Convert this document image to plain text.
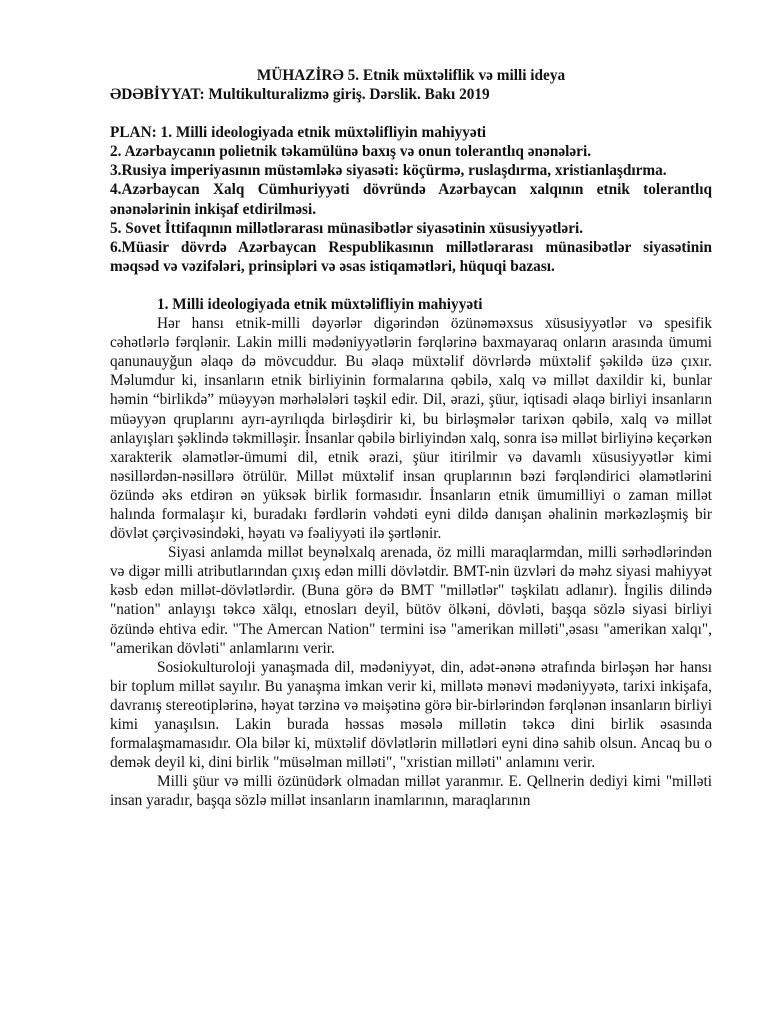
MÜHAZİRƏ 5. Etnik müxtəliflik və milli ideya

ƏDƏBİYYAT: Multikulturalizmə giriş. Dərslik. Bakı 2019

PLAN: 1. Milli ideologiyada etnik müxtəlifliyin mahiyyəti

2. Azərbaycanın polietnik təkamülünə baxış və onun tolerantlıq ənənələri.

3.Rusiya imperiyasının müstəmləkə siyasəti: köçürmə, ruslaşdırma, xristianlaşdırma.

4.Azərbaycan Xalq Cümhuriyyəti dövründə Azərbaycan xalqının etnik tolerantlıq ənənələrinin inkişaf etdirilməsi.

5. Sovet İttifaqının millətlərarası münasibətlər siyasətinin xüsusiyyətləri.

6.Müasir dövrdə Azərbaycan Respublikasının millətlərarası münasibətlər siyasətinin məqsəd və vəzifələri, prinsipləri və əsas istiqamətləri, hüquqi bazası.

1. Milli ideologiyada etnik müxtəlifliyin mahiyyəti

Hər hansı etnik-milli dəyərlər digərindən özünəməxsus xüsusiyyətlər və spesifik cəhətlərlə fərqlənir. Lakin milli mədəniyyətlərin fərqlərinə baxmayaraq onların arasında ümumi qanunauyğun əlaqə də mövcuddur. Bu əlaqə müxtəlif dövrlərdə müxtəlif şəkildə üzə çıxır. Məlumdur ki, insanların etnik birliyinin formalarına qəbilə, xalq və millət daxildir ki, bunlar həmin “birlikdə” müəyyən mərhələləri təşkil edir. Dil, ərazi, şüur, iqtisadi əlaqə birliyi insanların müəyyən qruplarını ayrı-ayrılıqda birləşdirir ki, bu birləşmələr tarixən qəbilə, xalq və millət anlayışları şəklində təkmilləşir. İnsanlar qəbilə birliyindən xalq, sonra isə millət birliyinə keçərkən xarakterik əlamətlər-ümumi dil, etnik ərazi, şüur itirilmir və davamlı xüsusiyyətlər kimi nəsillərdən-nəsillərə ötrülür. Millət müxtəlif insan qruplarının bəzi fərqləndirici əlamətlərini özündə əks etdirən ən yüksək birlik formasıdır. İnsanların etnik ümumilliyi o zaman millət halında formalaşır ki, buradakı fərdlərin vəhdəti eyni dildə danışan əhalinin mərkəzləşmiş bir dövlət çərçivəsindəki, həyatı və fəaliyyəti ilə şərtlənir.

Siyasi anlamda millət beynəlxalq arenada, öz milli maraqlarmdan, milli sərhədlərindən və digər milli atributlarından çıxış edən milli dövlətdir. BMT-nin üzvləri də məhz siyasi mahiyyət kəsb edən millət-dövlətlərdir. (Buna görə də BMT "millətlər" təşkilatı adlanır). İngilis dilində "nation" anlayışı təkcə xälqı, etnosları deyil, bütöv ölkəni, dövləti, başqa sözlə siyasi birliyi özündə ehtiva edir. "The Amercan Nation" termini isə "amerikan milləti",əsası "amerikan xalqı", "amerikan dövləti" anlamlarını verir.

Sosiokulturoloji yanaşmada dil, mədəniyyət, din, adət-ənənə ətrafında birləşən hər hansı bir toplum millət sayılır. Bu yanaşma imkan verir ki, millətə mənəvi mədəniyyətə, tarixi inkişafa, davranış stereotiplərinə, həyat tərzinə və məişətinə görə bir-birlərindən fərqlənən insanların birliyi kimi yanaşılsın. Lakin burada həssas məsələ millətin təkcə dini birlik əsasında formalaşmamasıdır. Ola bilər ki, müxtəlif dövlətlərin millətləri eyni dinə sahib olsun. Ancaq bu o demək deyil ki, dini birlik "müsəlman milləti", "xristian milləti" anlamını verir.

Milli şüur və milli özünüdərk olmadan millət yaranmır. E. Qellnerin dediyi kimi "milləti insan yaradır, başqa sözlə millət insanların inamlarının, maraqlarının
